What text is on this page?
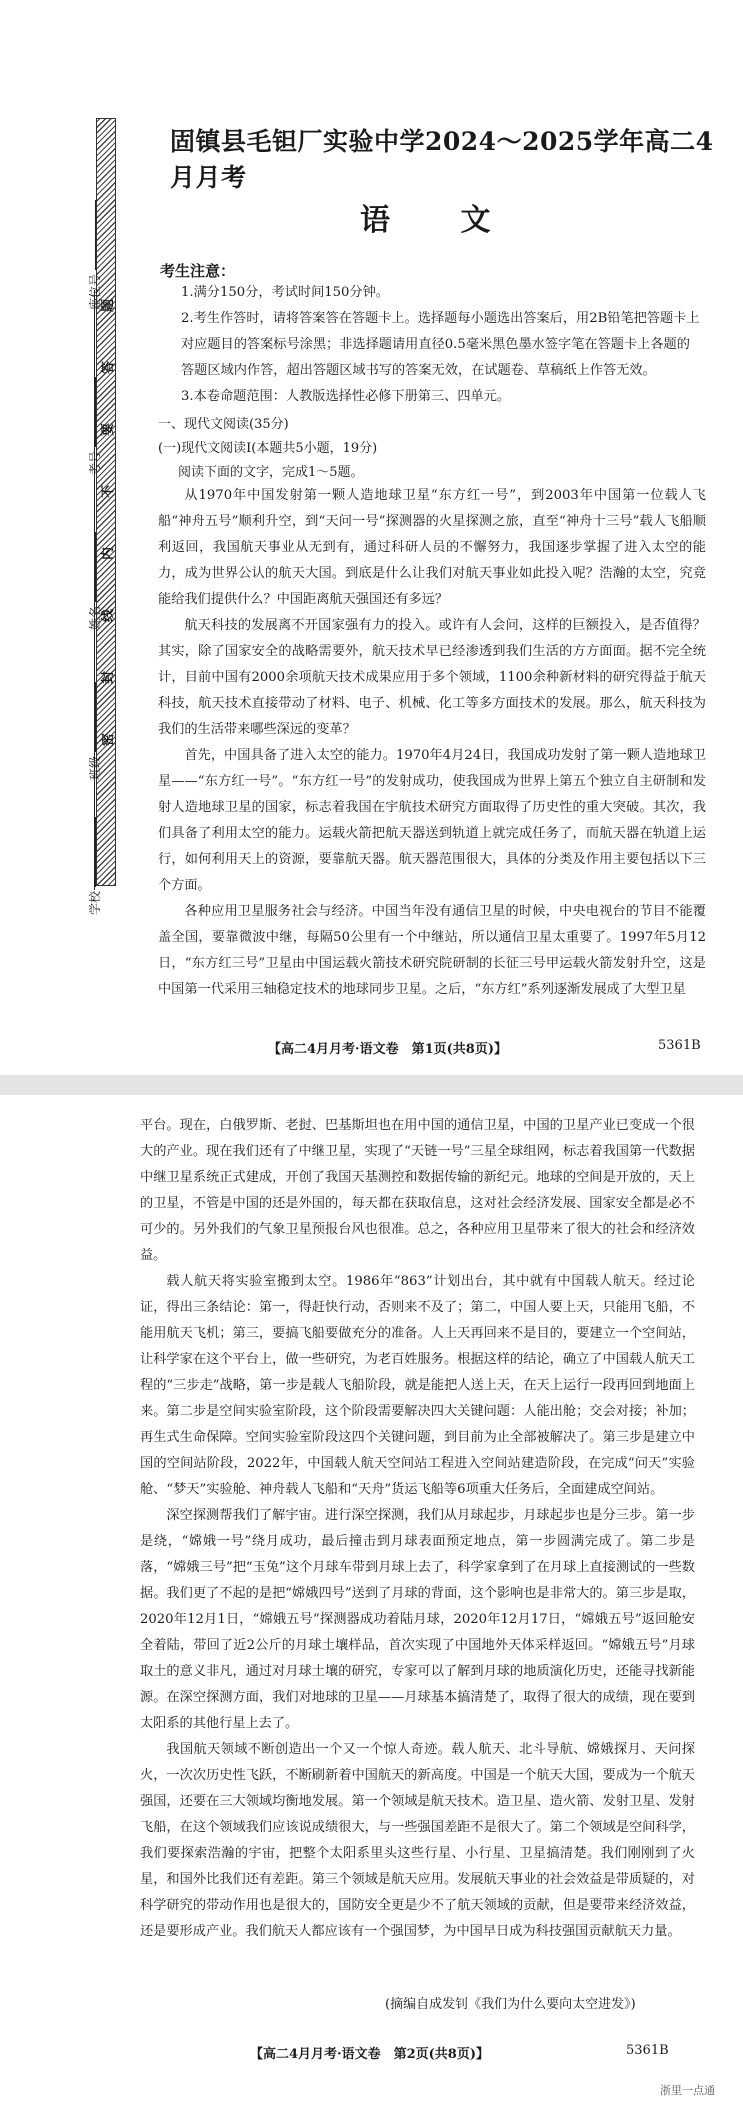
座位号
考号
姓名
班级
学校
题
答
要
不
内
线
封
密
固镇县毛钽厂实验中学2024～2025学年高二4月月考
语 文
考生注意：

1.满分150分，考试时间150分钟。

2.考生作答时，请将答案答在答题卡上。选择题每小题选出答案后，用2B铅笔把答题卡上对应题目的答案标号涂黑；非选择题请用直径0.5毫米黑色墨水签字笔在答题卡上各题的答题区域内作答，超出答题区域书写的答案无效，在试题卷、草稿纸上作答无效。

3.本卷命题范围：人教版选择性必修下册第三、四单元。

一、现代文阅读(35分)
(一)现代文阅读Ⅰ(本题共5小题，19分)
阅读下面的文字，完成1～5题。

从1970年中国发射第一颗人造地球卫星“东方红一号”，到2003年中国第一位载人飞船“神舟五号”顺利升空，到“天问一号”探测器的火星探测之旅，直至“神舟十三号”载人飞船顺利返回，我国航天事业从无到有，通过科研人员的不懈努力，我国逐步掌握了进入太空的能力，成为世界公认的航天大国。到底是什么让我们对航天事业如此投入呢？浩瀚的太空，究竟能给我们提供什么？中国距离航天强国还有多远？

航天科技的发展离不开国家强有力的投入。或许有人会问，这样的巨额投入，是否值得？其实，除了国家安全的战略需要外，航天技术早已经渗透到我们生活的方方面面。据不完全统计，目前中国有2000余项航天技术成果应用于多个领域，1100余种新材料的研究得益于航天科技，航天技术直接带动了材料、电子、机械、化工等多方面技术的发展。那么，航天科技为我们的生活带来哪些深远的变革？

首先，中国具备了进入太空的能力。1970年4月24日，我国成功发射了第一颗人造地球卫星——“东方红一号”。“东方红一号”的发射成功，使我国成为世界上第五个独立自主研制和发射人造地球卫星的国家，标志着我国在宇航技术研究方面取得了历史性的重大突破。其次，我们具备了利用太空的能力。运载火箭把航天器送到轨道上就完成任务了，而航天器在轨道上运行，如何利用天上的资源，要靠航天器。航天器范围很大，具体的分类及作用主要包括以下三个方面。

各种应用卫星服务社会与经济。中国当年没有通信卫星的时候，中央电视台的节目不能覆盖全国，要靠微波中继，每隔50公里有一个中继站，所以通信卫星太重要了。1997年5月12日，“东方红三号”卫星由中国运载火箭技术研究院研制的长征三号甲运载火箭发射升空，这是中国第一代采用三轴稳定技术的地球同步卫星。之后，“东方红”系列逐渐发展成了大型卫星

【高二4月月考·语文卷　第1页(共8页)】	5361B

平台。现在，白俄罗斯、老挝、巴基斯坦也在用中国的通信卫星，中国的卫星产业已变成一个很大的产业。现在我们还有了中继卫星，实现了“天链一号”三星全球组网，标志着我国第一代数据中继卫星系统正式建成，开创了我国天基测控和数据传输的新纪元。地球的空间是开放的，天上的卫星，不管是中国的还是外国的，每天都在获取信息，这对社会经济发展、国家安全都是必不可少的。另外我们的气象卫星预报台风也很准。总之，各种应用卫星带来了很大的社会和经济效益。

载人航天将实验室搬到太空。1986年“863”计划出台，其中就有中国载人航天。经过论证，得出三条结论：第一，得赶快行动，否则来不及了；第二，中国人要上天，只能用飞船，不能用航天飞机；第三，要搞飞船要做充分的准备。人上天再回来不是目的，要建立一个空间站，让科学家在这个平台上，做一些研究，为老百姓服务。根据这样的结论，确立了中国载人航天工程的“三步走”战略，第一步是载人飞船阶段，就是能把人送上天，在天上运行一段再回到地面上来。第二步是空间实验室阶段，这个阶段需要解决四大关键问题：人能出舱；交会对接；补加；再生式生命保障。空间实验室阶段这四个关键问题，到目前为止全部被解决了。第三步是建立中国的空间站阶段，2022年，中国载人航天空间站工程进入空间站建造阶段，在完成“问天”实验舱、“梦天”实验舱、神舟载人飞船和“天舟”货运飞船等6项重大任务后，全面建成空间站。

深空探测帮我们了解宇宙。进行深空探测，我们从月球起步，月球起步也是分三步。第一步是绕，“嫦娥一号”绕月成功，最后撞击到月球表面预定地点，第一步圆满完成了。第二步是落，“嫦娥三号”把“玉兔”这个月球车带到月球上去了，科学家拿到了在月球上直接测试的一些数据。我们更了不起的是把“嫦娥四号”送到了月球的背面，这个影响也是非常大的。第三步是取，2020年12月1日，“嫦娥五号”探测器成功着陆月球，2020年12月17日，“嫦娥五号”返回舱安全着陆，带回了近2公斤的月球土壤样品，首次实现了中国地外天体采样返回。“嫦娥五号”月球取土的意义非凡，通过对月球土壤的研究，专家可以了解到月球的地质演化历史，还能寻找新能源。在深空探测方面，我们对地球的卫星——月球基本搞清楚了，取得了很大的成绩，现在要到太阳系的其他行星上去了。

我国航天领域不断创造出一个又一个惊人奇迹。载人航天、北斗导航、嫦娥探月、天问探火，一次次历史性飞跃，不断刷新着中国航天的新高度。中国是一个航天大国，要成为一个航天强国，还要在三大领域均衡地发展。第一个领域是航天技术。造卫星、造火箭、发射卫星、发射飞船，在这个领域我们应该说成绩很大，与一些强国差距不是很大了。第二个领域是空间科学，我们要探索浩瀚的宇宙，把整个太阳系里头这些行星、小行星、卫星搞清楚。我们刚刚到了火星，和国外比我们还有差距。第三个领域是航天应用。发展航天事业的社会效益是带质疑的，对科学研究的带动作用也是很大的，国防安全更是少不了航天领域的贡献，但是要带来经济效益，还是要形成产业。我们航天人都应该有一个强国梦，为中国早日成为科技强国贡献航天力量。

(摘编自成发钊《我们为什么要向太空进发》)
【高二4月月考·语文卷　第2页(共8页)】	5361B
浙里一点通
